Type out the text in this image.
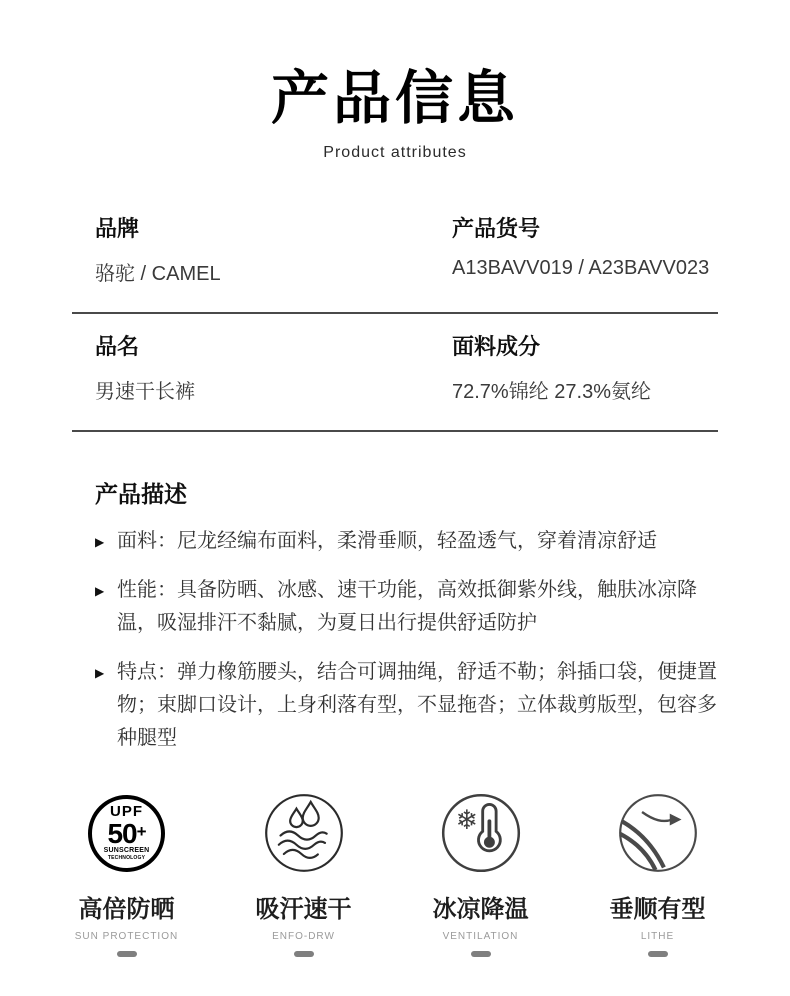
产品信息
Product attributes
品牌
骆驼 / CAMEL
产品货号
A13BAVV019 / A23BAVV023
品名
男速干长裤
面料成分
72.7%锦纶 27.3%氨纶
产品描述
▶ 面料：尼龙经编布面料，柔滑垂顺，轻盈透气，穿着清凉舒适
▶ 性能：具备防晒、冰感、速干功能，高效抵御紫外线，触肤冰凉降温，吸湿排汗不黏腻，为夏日出行提供舒适防护
▶ 特点：弹力橡筋腰头，结合可调抽绳，舒适不勒；斜插口袋，便捷置物；束脚口设计，上身利落有型，不显拖沓；立体裁剪版型，包容多种腿型
UPF
50+
SUNSCREEN
TECHNOLOGY
高倍防晒
SUN PROTECTION
吸汗速干
ENFO-DRW
❄
冰凉降温
VENTILATION
垂顺有型
LITHE
